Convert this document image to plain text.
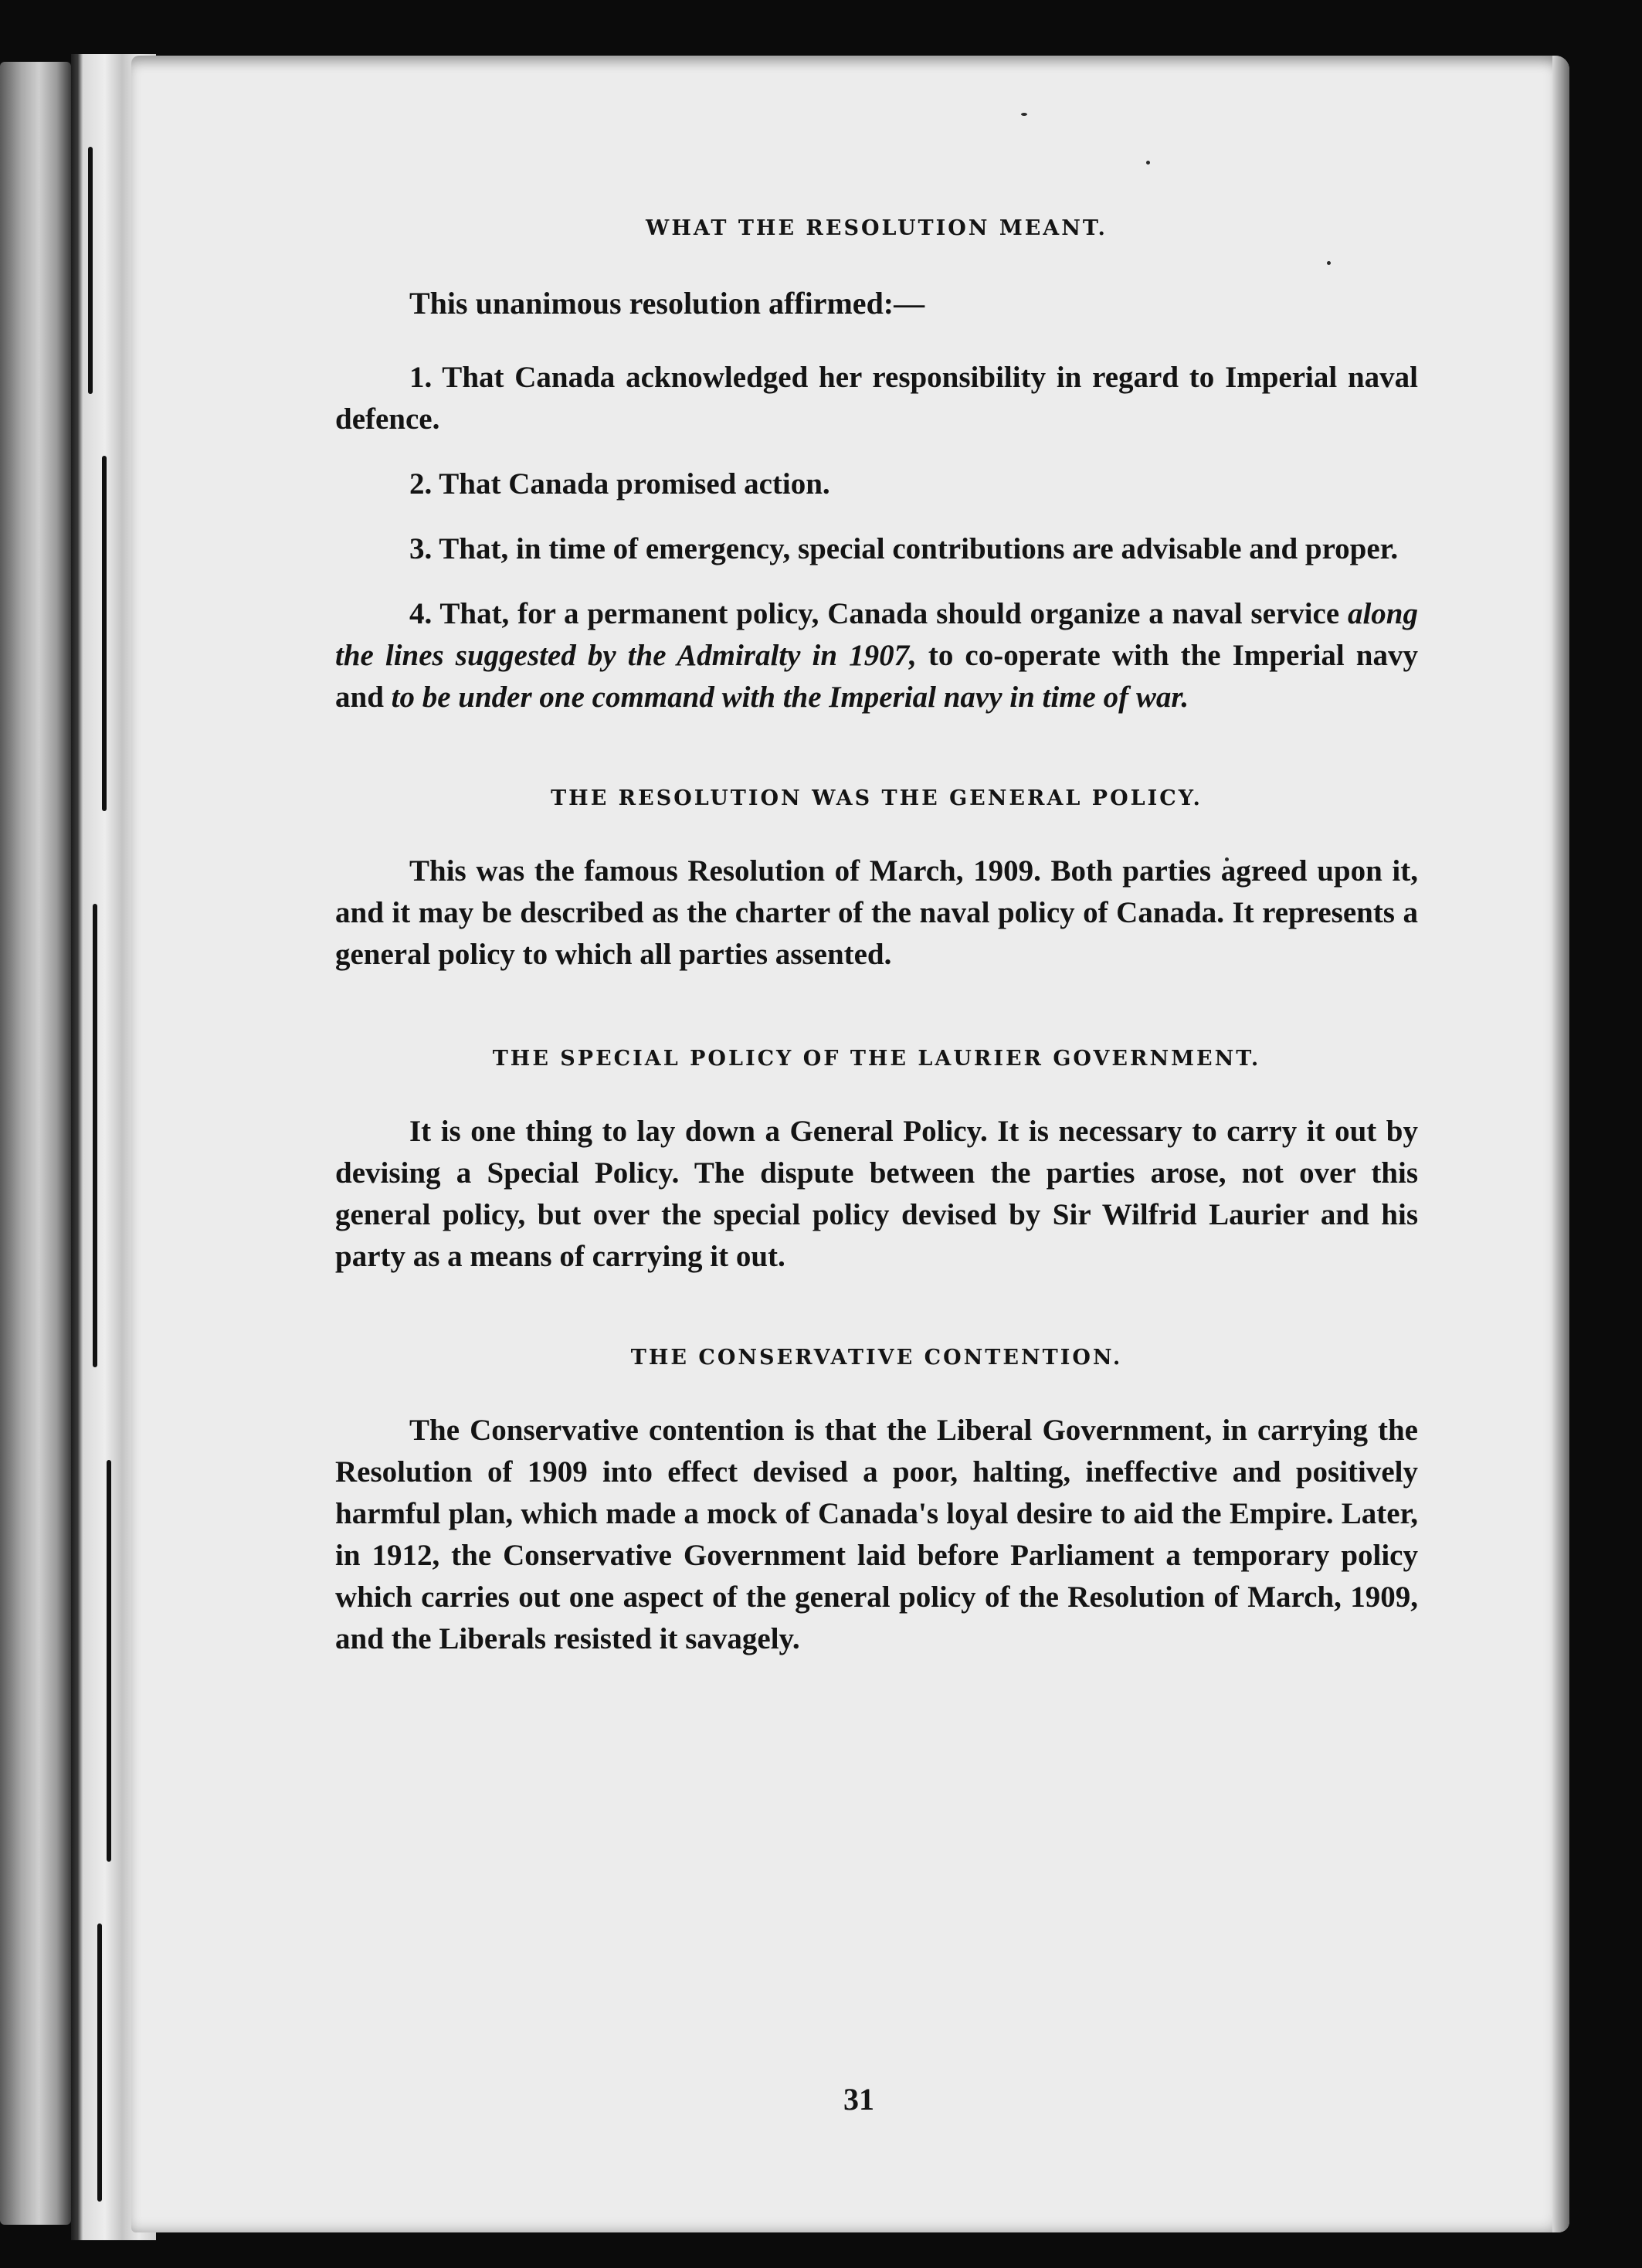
WHAT THE RESOLUTION MEANT.

This unanimous resolution affirmed:—

1. That Canada acknowledged her responsibility in regard to Imperial naval defence.

2. That Canada promised action.

3. That, in time of emergency, special contributions are advisable and proper.

4. That, for a permanent policy, Canada should organize a naval service along the lines suggested by the Admiralty in 1907, to co-operate with the Imperial navy and to be under one command with the Imperial navy in time of war.

THE RESOLUTION WAS THE GENERAL POLICY.

This was the famous Resolution of March, 1909. Both parties agreed upon it, and it may be described as the charter of the naval policy of Canada. It represents a general policy to which all parties assented.

THE SPECIAL POLICY OF THE LAURIER GOVERNMENT.

It is one thing to lay down a General Policy. It is necessary to carry it out by devising a Special Policy. The dispute between the parties arose, not over this general policy, but over the special policy devised by Sir Wilfrid Laurier and his party as a means of carrying it out.

THE CONSERVATIVE CONTENTION.

The Conservative contention is that the Liberal Government, in carrying the Resolution of 1909 into effect devised a poor, halting, ineffective and positively harmful plan, which made a mock of Canada's loyal desire to aid the Empire. Later, in 1912, the Conservative Government laid before Parliament a temporary policy which carries out one aspect of the general policy of the Resolution of March, 1909, and the Liberals resisted it savagely.

31
